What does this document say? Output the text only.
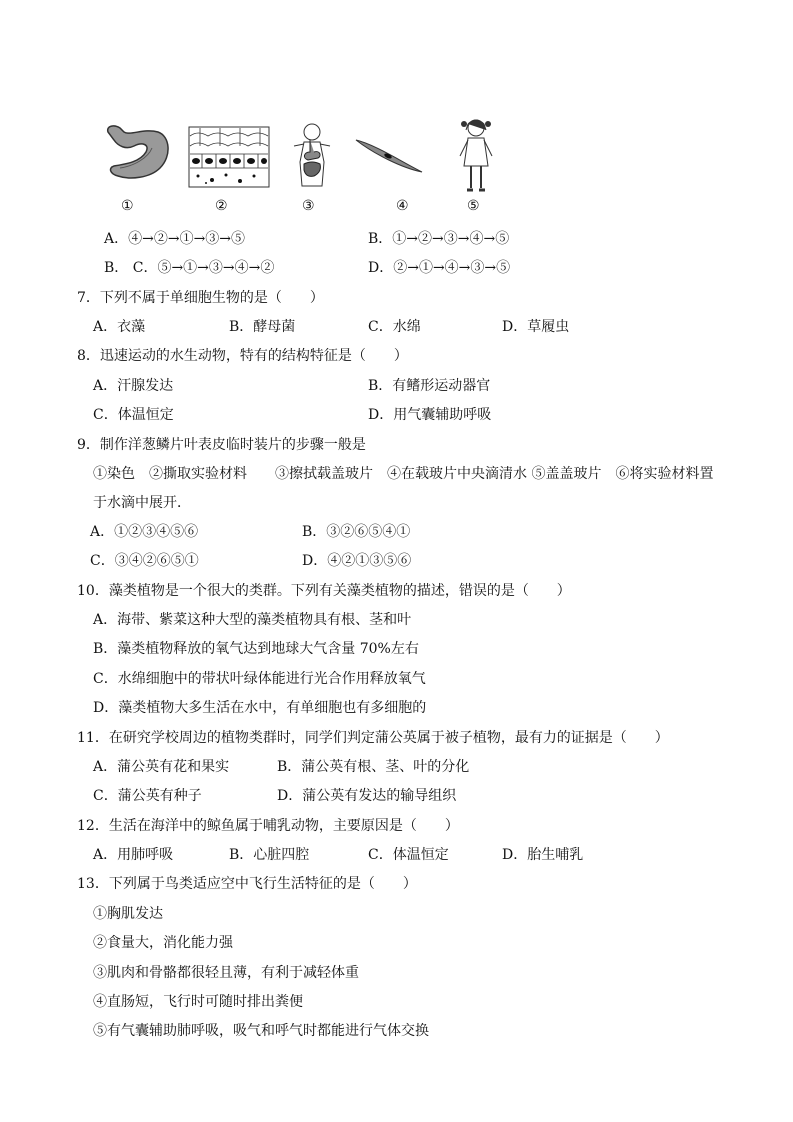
①	②	③	④	⑤
A．④→②→①→③→⑤	B．①→②→③→④→⑤
B． C．⑤→①→③→④→②	D．②→①→④→③→⑤
7．下列不属于单细胞生物的是（　　）
A．衣藻	B．酵母菌	C．水绵	D．草履虫
8．迅速运动的水生动物，特有的结构特征是（　　）
A．汗腺发达	B．有鳍形运动器官
C．体温恒定	D．用气囊辅助呼吸
9．制作洋葱鳞片叶表皮临时装片的步骤一般是
①染色　②撕取实验材料　　③擦拭载盖玻片　④在载玻片中央滴清水 ⑤盖盖玻片　⑥将实验材料置
于水滴中展开．
A．①②③④⑤⑥	B．③②⑥⑤④①
C．③④②⑥⑤①	D．④②①③⑤⑥
10．藻类植物是一个很大的类群。下列有关藻类植物的描述，错误的是（　　）
A．海带、紫菜这种大型的藻类植物具有根、茎和叶
B．藻类植物释放的氧气达到地球大气含量 70%左右
C．水绵细胞中的带状叶绿体能进行光合作用释放氧气
D．藻类植物大多生活在水中，有单细胞也有多细胞的
11．在研究学校周边的植物类群时，同学们判定蒲公英属于被子植物，最有力的证据是（　　）
A．蒲公英有花和果实	B．蒲公英有根、茎、叶的分化
C．蒲公英有种子	D．蒲公英有发达的输导组织
12．生活在海洋中的鲸鱼属于哺乳动物，主要原因是（　　）
A．用肺呼吸	B．心脏四腔	C．体温恒定	D．胎生哺乳
13．下列属于鸟类适应空中飞行生活特征的是（　　）
①胸肌发达
②食量大，消化能力强
③肌肉和骨骼都很轻且薄，有利于减轻体重
④直肠短，飞行时可随时排出粪便
⑤有气囊辅助肺呼吸，吸气和呼气时都能进行气体交换
